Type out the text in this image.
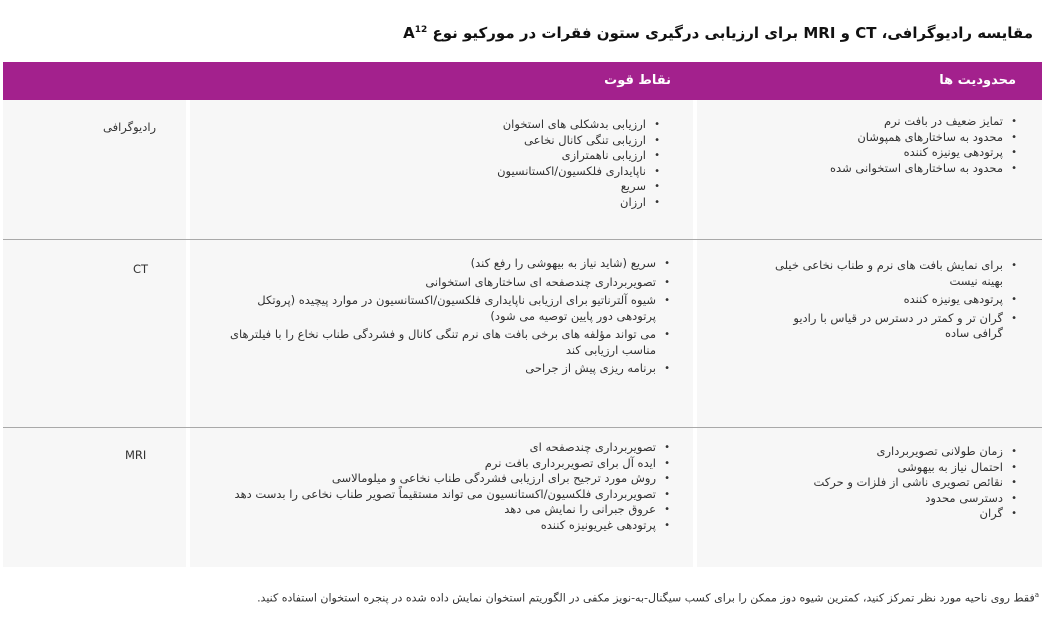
مقایسه رادیوگرافی، CT و MRI برای ارزیابی درگیری ستون فقرات در موركيو نوع $A^{12}$
محدودیت ها
نقاط قوت
رادیوگرافی	• ارزیابی بدشکلی های استخوان
• ارزیابی تنگی کانال نخاعی
• ارزیابی ناهمترازی
• ناپایداری فلکسیون/اکستانسیون
• سریع
• ارزان
• تمایز ضعیف در بافت نرم
• محدود به ساختارهای همپوشان
• پرتودهی یونیزه کننده
• محدود به ساختارهای استخوانی شده
CT	• سریع (شاید نیاز به بیهوشی را رفع کند)
• تصویربرداری چندصفحه ای ساختارهای استخوانی
• شیوه آلترناتیو برای ارزیابی ناپایداری فلکسیون/اکستانسیون در موارد پیچیده (پروتکل پرتودهی دور پایین توصیه می شود)
• می تواند مؤلفه های برخی بافت های نرم تنگی کانال و فشردگی طناب نخاع را با فیلترهای مناسب ارزیابی کند
• برنامه ریزی پیش از جراحی
• برای نمایش بافت های نرم و طناب نخاعی خیلی بهینه نیست
• پرتودهی یونیزه کننده
• گران تر و کمتر در دسترس در قیاس با رادیو گرافی ساده
MRI
• تصویربرداری چندصفحه ای
• ایده آل برای تصویربرداری بافت نرم
• روش مورد ترجیح برای ارزیابی فشردگی طناب نخاعی و میلومالاسی
• تصویربرداری فلکسیون/اکستانسیون می تواند مستقیماً تصویر طناب نخاعی را بدست دهد
• عروق جبرانی را نمایش می دهد
• پرتودهی غیریونیزه کننده
• زمان طولانی تصویربرداری
• احتمال نیاز به بیهوشی
• نقائص تصویری ناشی از فلزات و حرکت
• دسترسی محدود
• گران
$^a$فقط روی ناحیه مورد نظر تمرکز کنید، کمترین شیوه دوز ممکن را برای کسب سیگنال-به-نویز مکفی در الگوریتم استخوان نمایش داده شده در پنجره استخوان استفاده کنید.
